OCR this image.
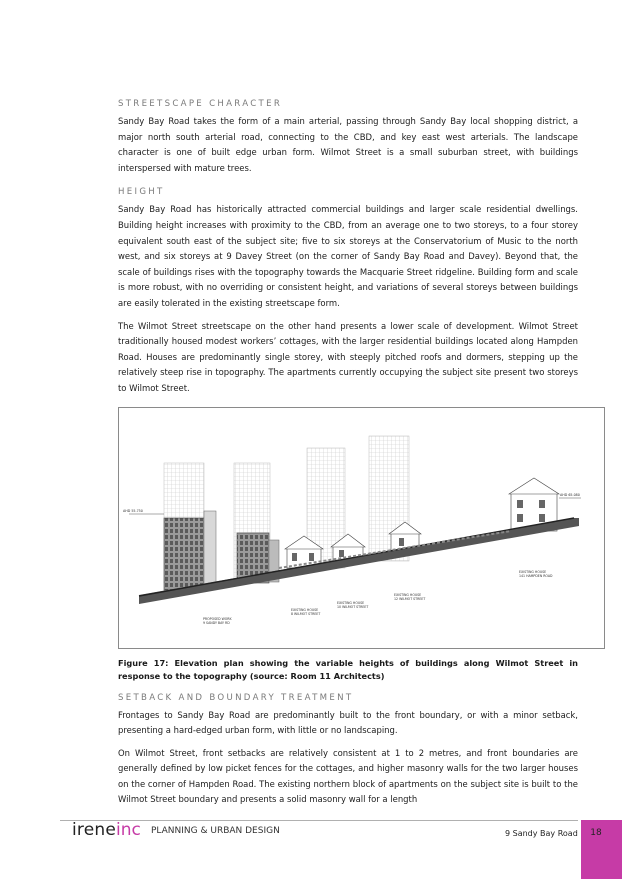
STREETSCAPE CHARACTER

Sandy Bay Road takes the form of a main arterial, passing through Sandy Bay local shopping district, a major north south arterial road, connecting to the CBD, and key east west arterials. The landscape character is one of built edge urban form. Wilmot Street is a small suburban street, with buildings interspersed with mature trees.

HEIGHT

Sandy Bay Road has historically attracted commercial buildings and larger scale residential dwellings. Building height increases with proximity to the CBD, from an average one to two storeys, to a four storey equivalent south east of the subject site; five to six storeys at the Conservatorium of Music to the north west, and six storeys at 9 Davey Street (on the corner of Sandy Bay Road and Davey). Beyond that, the scale of buildings rises with the topography towards the Macquarie Street ridgeline. Building form and scale is more robust, with no overriding or consistent height, and variations of several storeys between buildings are easily tolerated in the existing streetscape form.

The Wilmot Street streetscape on the other hand presents a lower scale of development. Wilmot Street traditionally housed modest workers’ cottages, with the larger residential buildings located along Hampden Road. Houses are predominantly single storey, with steeply pitched roofs and dormers, stepping up the relatively steep rise in topography. The apartments currently occupying the subject site present two storeys to Wilmot Street.

AHD 55.750
AHD 65.080
PROPOSED WORK
9 SANDY BAY RD
EXISTING HOUSE
8 WILMOT STREET
EXISTING HOUSE
10 WILMOT STREET
EXISTING HOUSE
12 WILMOT STREET
EXISTING HOUSE
141 HAMPDEN ROAD

Figure 17: Elevation plan showing the variable heights of buildings along Wilmot Street in response to the topography (source: Room 11 Architects)

SETBACK AND BOUNDARY TREATMENT

Frontages to Sandy Bay Road are predominantly built to the front boundary, or with a minor setback, presenting a hard-edged urban form, with little or no landscaping.

On Wilmot Street, front setbacks are relatively consistent at 1 to 2 metres, and front boundaries are generally defined by low picket fences for the cottages, and higher masonry walls for the two larger houses on the corner of Hampden Road. The existing northern block of apartments on the subject site is built to the Wilmot Street boundary and presents a solid masonry wall for a length

ireneinc PLANNING & URBAN DESIGN	9 Sandy Bay Road	18
